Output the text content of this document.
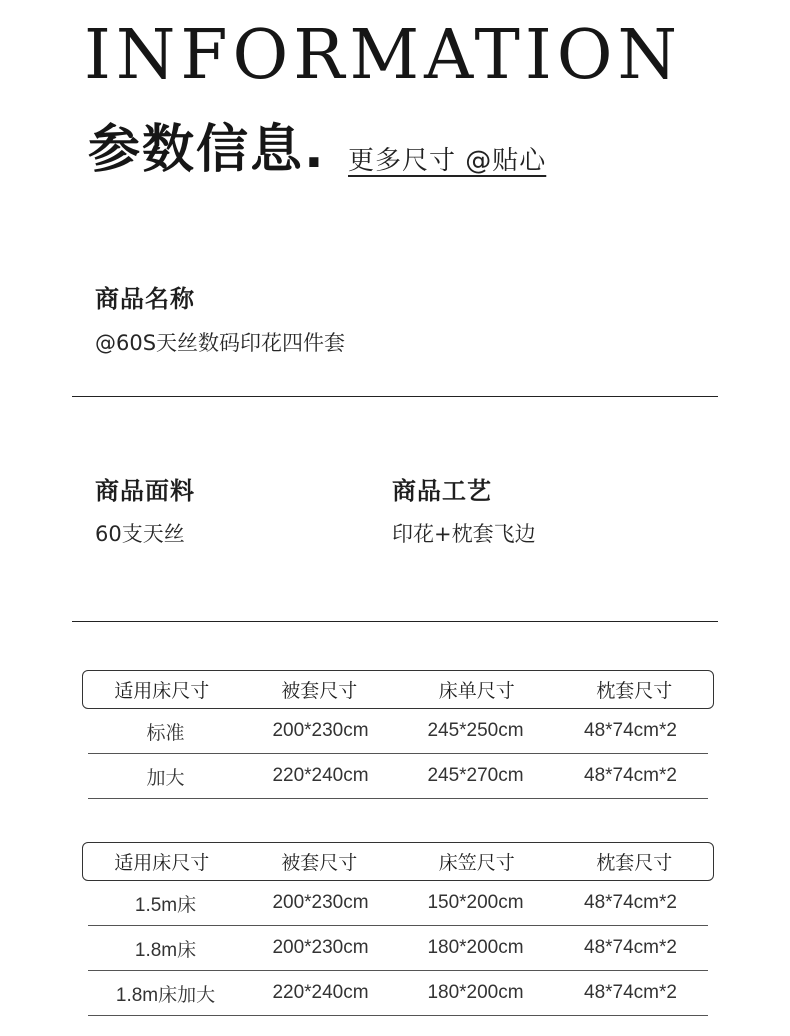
INFORMATION
参数信息. 更多尺寸 @贴心
商品名称
@60S天丝数码印花四件套
商品面料
60支天丝
商品工艺
印花+枕套飞边
适用床尺寸	被套尺寸	床单尺寸	枕套尺寸
标准	200*230cm	245*250cm	48*74cm*2
加大	220*240cm	245*270cm	48*74cm*2
适用床尺寸	被套尺寸	床笠尺寸	枕套尺寸
1.5m床	200*230cm	150*200cm	48*74cm*2
1.8m床	200*230cm	180*200cm	48*74cm*2
1.8m床加大	220*240cm	180*200cm	48*74cm*2
